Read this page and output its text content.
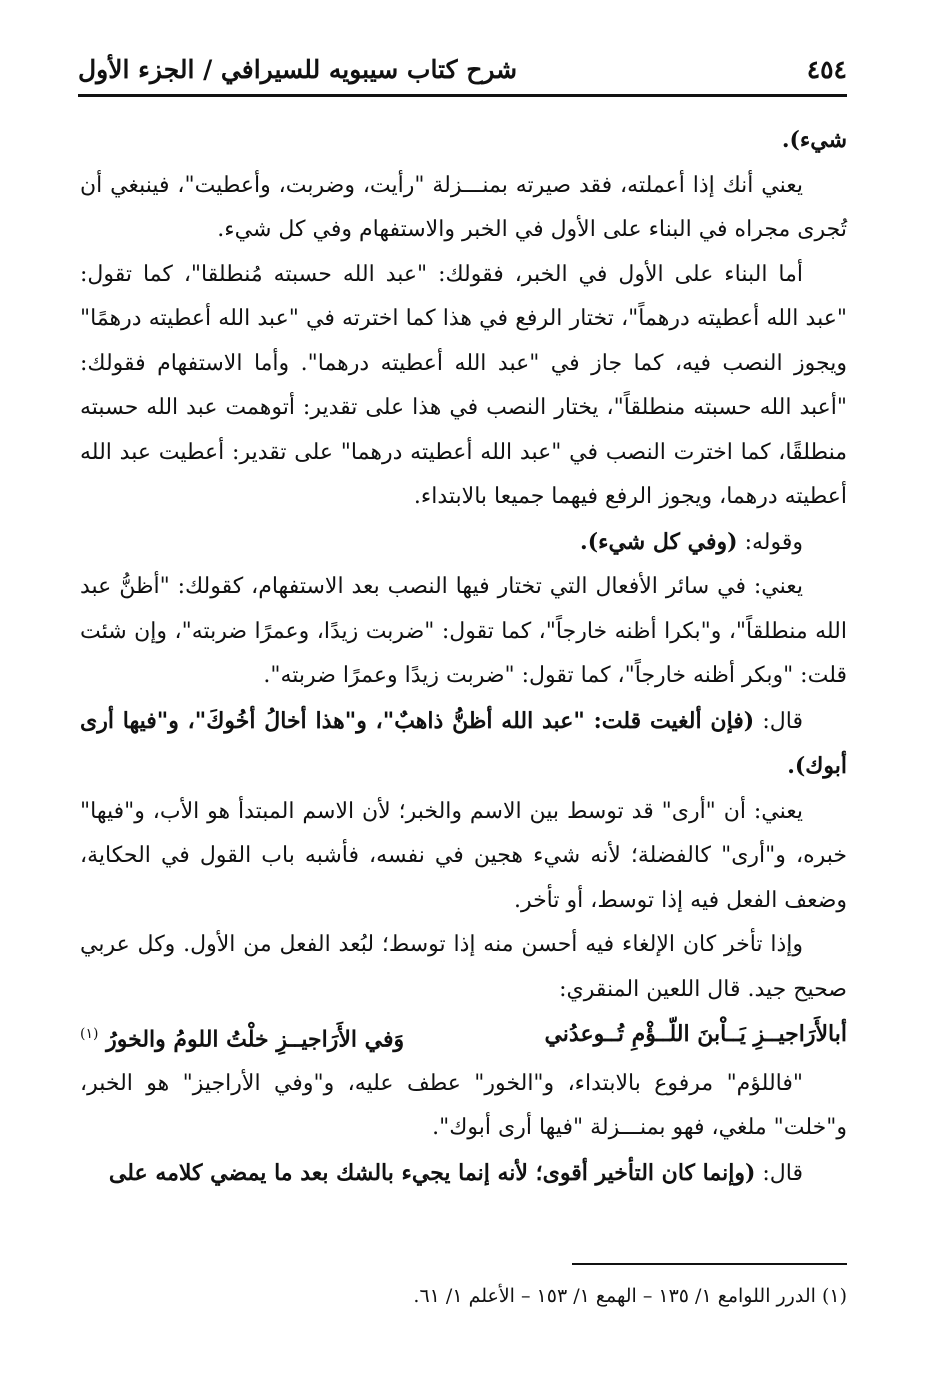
٤٥٤
شرح كتاب سيبويه للسيرافي / الجزء الأول

شيء).

يعني أنك إذا أعملته، فقد صيرته بمنـــزلة "رأيت، وضربت، وأعطيت"، فينبغي أن تُجرى مجراه في البناء على الأول في الخبر والاستفهام وفي كل شيء.

أما البناء على الأول في الخبر، فقولك: "عبد الله حسبته مُنطلقا"، كما تقول: "عبد الله أعطيته درهماً"، تختار الرفع في هذا كما اخترته في "عبد الله أعطيته درهمًا" ويجوز النصب فيه، كما جاز في "عبد الله أعطيته درهما". وأما الاستفهام فقولك: "أعبد الله حسبته منطلقاً"، يختار النصب في هذا على تقدير: أتوهمت عبد الله حسبته منطلقًا، كما اخترت النصب في "عبد الله أعطيته درهما" على تقدير: أعطيت عبد الله أعطيته درهما، ويجوز الرفع فيهما جميعا بالابتداء.

وقوله: (وفي كل شيء).

يعني: في سائر الأفعال التي تختار فيها النصب بعد الاستفهام، كقولك: "أظنُّ عبد الله منطلقاً"، و"بكرا أظنه خارجاً"، كما تقول: "ضربت زيدًا، وعمرًا ضربته"، وإن شئت قلت: "وبكر أظنه خارجاً"، كما تقول: "ضربت زيدًا وعمرًا ضربته".

قال: (فإن ألغيت قلت: "عبد الله أظنُّ ذاهبٌ"، و"هذا أخالُ أخُوكَ"، و"فيها أرى أبوك).

يعني: أن "أرى" قد توسط بين الاسم والخبر؛ لأن الاسم المبتدأ هو الأب، و"فيها" خبره، و"أرى" كالفضلة؛ لأنه شيء هجين في نفسه، فأشبه باب القول في الحكاية، وضعف الفعل فيه إذا توسط، أو تأخر.

وإذا تأخر كان الإلغاء فيه أحسن منه إذا توسط؛ لبُعد الفعل من الأول. وكل عربي صحيح جيد. قال اللعين المنقري:

أبالأَرَاجيــزِ يَــاْبنَ اللّــؤْمِ تُــوعدُني
وَفي الأَرَاجيــزِ خلْتُ اللومُ والخورُ $^{(١)}$

"فاللؤم" مرفوع بالابتداء، و"الخور" عطف عليه، و"وفي الأراجيز" هو الخبر، و"خلت" ملغي، فهو بمنـــزلة "فيها أرى أبوك".

قال: (وإنما كان التأخير أقوى؛ لأنه إنما يجيء بالشك بعد ما يمضي كلامه على

(١) الدرر اللوامع ١/ ١٣٥ – الهمع ١/ ١٥٣ – الأعلم ١/ ٦١.
